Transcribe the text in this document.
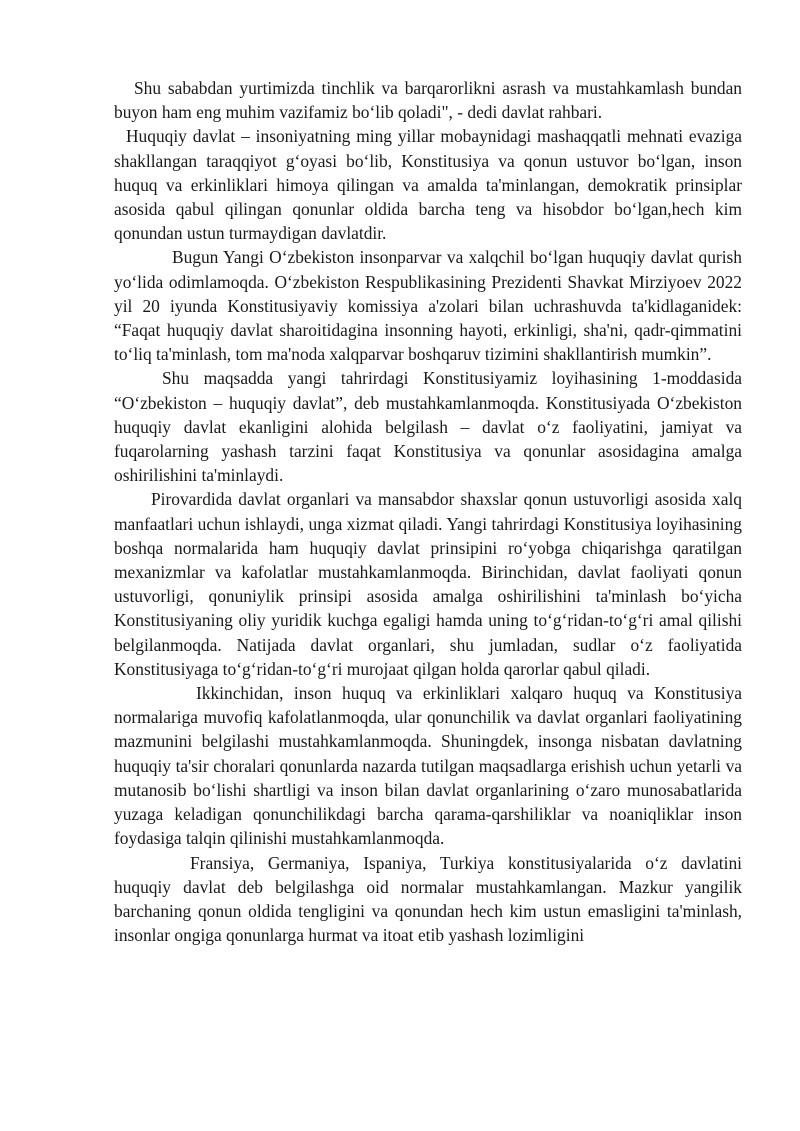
Shu sababdan yurtimizda tinchlik va barqarorlikni asrash va mustahkamlash bundan buyon ham eng muhim vazifamiz bo‘lib qoladi", - dedi davlat rahbari.

Huquqiy davlat – insoniyatning ming yillar mobaynidagi mashaqqatli mehnati evaziga shakllangan taraqqiyot g‘oyasi bo‘lib, Konstitusiya va qonun ustuvor bo‘lgan, inson huquq va erkinliklari himoya qilingan va amalda ta'minlangan, demokratik prinsiplar asosida qabul qilingan qonunlar oldida barcha teng va hisobdor bo‘lgan,hech kim qonundan ustun turmaydigan davlatdir.

Bugun Yangi O‘zbekiston insonparvar va xalqchil bo‘lgan huquqiy davlat qurish yo‘lida odimlamoqda. O‘zbekiston Respublikasining Prezidenti Shavkat Mirziyoev 2022 yil 20 iyunda Konstitusiyaviy komissiya a'zolari bilan uchrashuvda ta'kidlaganidek: “Faqat huquqiy davlat sharoitidagina insonning hayoti, erkinligi, sha'ni, qadr-qimmatini to‘liq ta'minlash, tom ma'noda xalqparvar boshqaruv tizimini shakllantirish mumkin”.

Shu maqsadda yangi tahrirdagi Konstitusiyamiz loyihasining 1-moddasida “O‘zbekiston – huquqiy davlat”, deb mustahkamlanmoqda. Konstitusiyada O‘zbekiston huquqiy davlat ekanligini alohida belgilash – davlat o‘z faoliyatini, jamiyat va fuqarolarning yashash tarzini faqat Konstitusiya va qonunlar asosidagina amalga oshirilishini ta'minlaydi.

Pirovardida davlat organlari va mansabdor shaxslar qonun ustuvorligi asosida xalq manfaatlari uchun ishlaydi, unga xizmat qiladi. Yangi tahrirdagi Konstitusiya loyihasining boshqa normalarida ham huquqiy davlat prinsipini ro‘yobga chiqarishga qaratilgan mexanizmlar va kafolatlar mustahkamlanmoqda. Birinchidan, davlat faoliyati qonun ustuvorligi, qonuniylik prinsipi asosida amalga oshirilishini ta'minlash bo‘yicha Konstitusiyaning oliy yuridik kuchga egaligi hamda uning to‘g‘ridan-to‘g‘ri amal qilishi belgilanmoqda. Natijada davlat organlari, shu jumladan, sudlar o‘z faoliyatida Konstitusiyaga to‘g‘ridan-to‘g‘ri murojaat qilgan holda qarorlar qabul qiladi.

Ikkinchidan, inson huquq va erkinliklari xalqaro huquq va Konstitusiya normalariga muvofiq kafolatlanmoqda, ular qonunchilik va davlat organlari faoliyatining mazmunini belgilashi mustahkamlanmoqda. Shuningdek, insonga nisbatan davlatning huquqiy ta'sir choralari qonunlarda nazarda tutilgan maqsadlarga erishish uchun yetarli va mutanosib bo‘lishi shartligi va inson bilan davlat organlarining o‘zaro munosabatlarida yuzaga keladigan qonunchilikdagi barcha qarama-qarshiliklar va noaniqliklar inson foydasiga talqin qilinishi mustahkamlanmoqda.

Fransiya, Germaniya, Ispaniya, Turkiya konstitusiyalarida o‘z davlatini huquqiy davlat deb belgilashga oid normalar mustahkamlangan. Mazkur yangilik barchaning qonun oldida tengligini va qonundan hech kim ustun emasligini ta'minlash, insonlar ongiga qonunlarga hurmat va itoat etib yashash lozimligini
